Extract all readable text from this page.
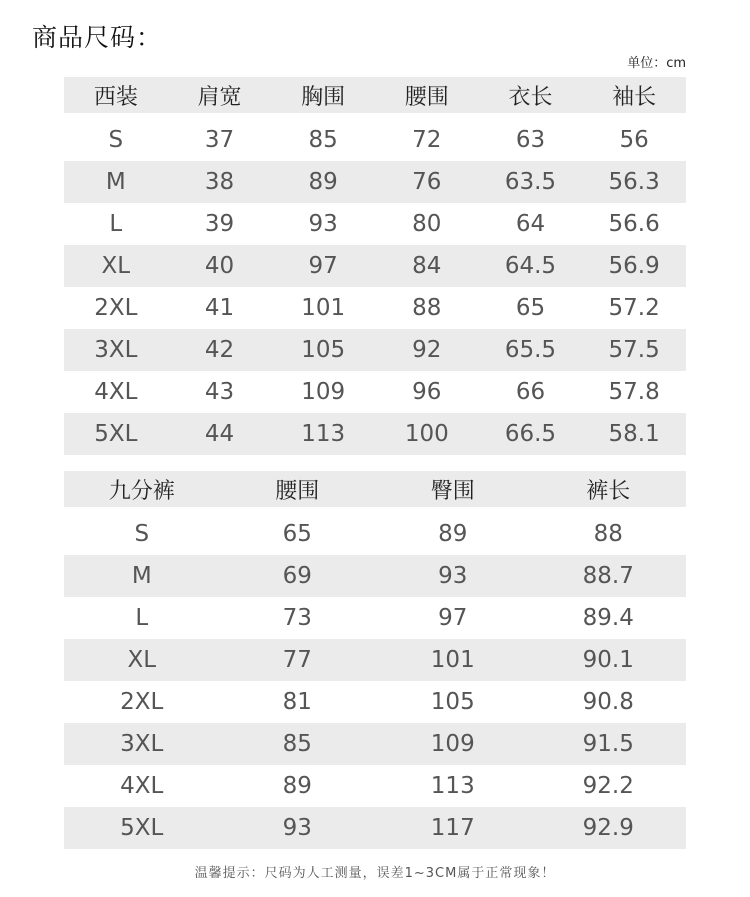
商品尺码：
单位：cm
西装	肩宽	胸围	腰围	衣长	袖长

S	37	85	72	63	56
M	38	89	76	63.5	56.3
L	39	93	80	64	56.6
XL	40	97	84	64.5	56.9
2XL	41	101	88	65	57.2
3XL	42	105	92	65.5	57.5
4XL	43	109	96	66	57.8
5XL	44	113	100	66.5	58.1
九分裤	腰围	臀围	裤长

S	65	89	88
M	69	93	88.7
L	73	97	89.4
XL	77	101	90.1
2XL	81	105	90.8
3XL	85	109	91.5
4XL	89	113	92.2
5XL	93	117	92.9
温馨提示：尺码为人工测量，误差1~3CM属于正常现象！
